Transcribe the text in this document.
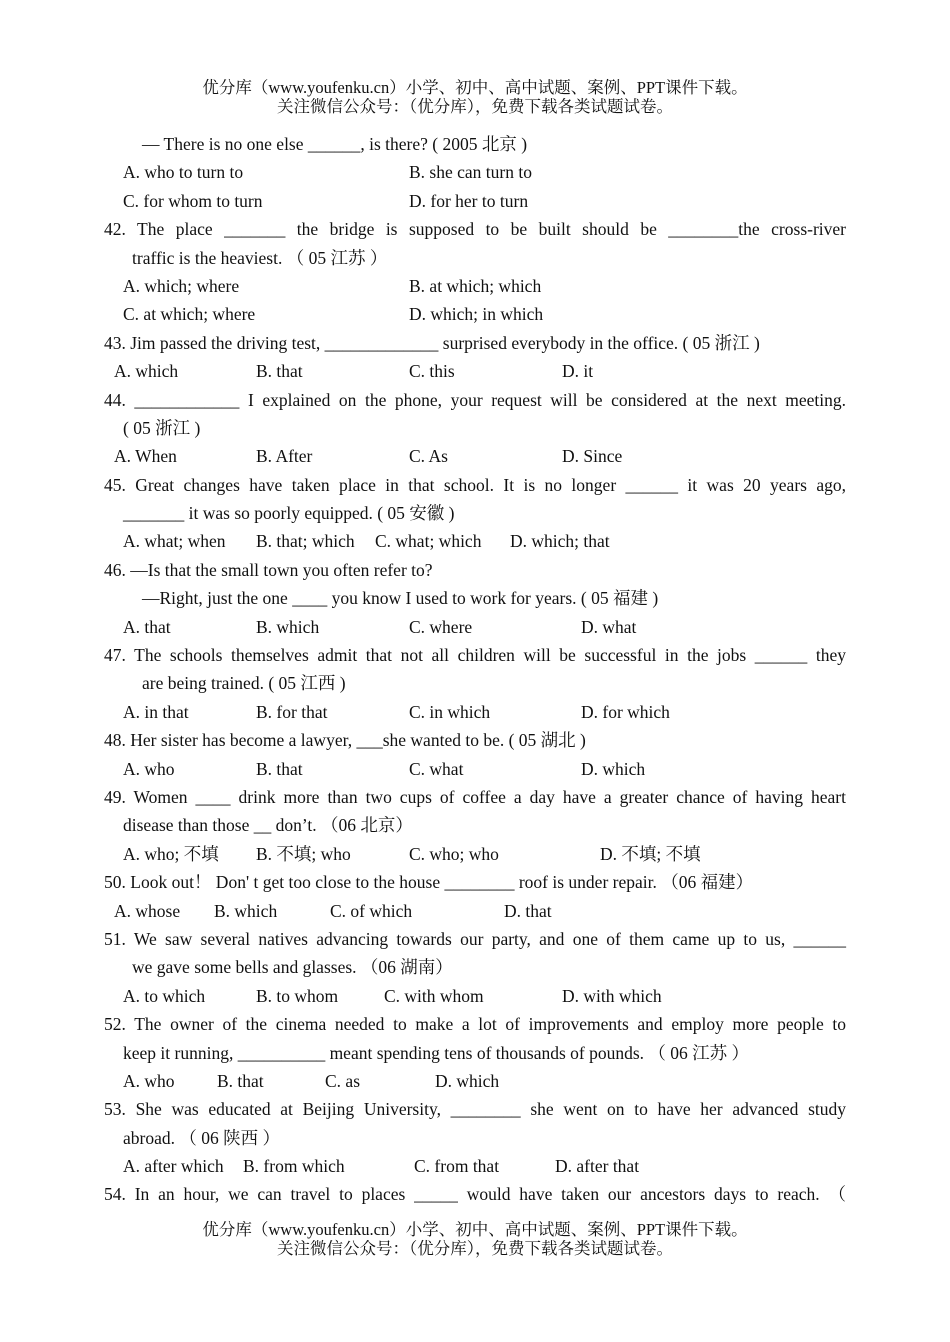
优分库（www.youfenku.cn）小学、初中、高中试题、案例、PPT课件下载。
关注微信公众号：（优分库），免费下载各类试题试卷。
— There is no one else ______, is there? ( 2005 北京 )
A. who to turn to	B. she can turn to
C. for whom to turn	D. for her to turn
42. The place _______ the bridge is supposed to be built should be ________the cross-river
traffic is the heaviest. （ 05 江苏 ）
A. which; where	B. at which; which
C. at which; where	D. which; in which
43. Jim passed the driving test, _____________ surprised everybody in the office. ( 05 浙江 )
A. which	B. that	C. this	D. it
44. ____________ I explained on the phone, your request will be considered at the next meeting.
( 05 浙江 )
A. When	B. After	C. As	D. Since
45. Great changes have taken place in that school. It is no longer ______ it was 20 years ago,
_______ it was so poorly equipped. ( 05 安徽 )
A. what; when B. that; which C. what; which D. which; that
46. —Is that the small town you often refer to?
—Right, just the one ____ you know I used to work for years. ( 05 福建 )
A. that	B. which	C. where	D. what
47. The schools themselves admit that not all children will be successful in the jobs ______ they
are being trained. ( 05 江西 )
A. in that	B. for that	C. in which	D. for which
48. Her sister has become a lawyer, ___she wanted to be. ( 05 湖北 )
A. who	B. that	C. what	D. which
49. Women ____ drink more than two cups of coffee a day have a greater chance of having heart
disease than those __ don’t. （06 北京）
A. who; 不填 B. 不填; who	C. who; who	D. 不填; 不填
50. Look out！ Don' t get too close to the house ________ roof is under repair. （06 福建）
A. whose B. which	C. of which	D. that
51. We saw several natives advancing towards our party, and one of them came up to us, ______
we gave some bells and glasses. （06 湖南）
A. to which	B. to whom	C. with whom	D. with which
52. The owner of the cinema needed to make a lot of improvements and employ more people to
keep it running, __________ meant spending tens of thousands of pounds. （ 06 江苏 ）
A. who B. that	C. as	D. which
53. She was educated at Beijing University, ________ she went on to have her advanced study
abroad. （ 06 陕西 ）
A. after which B. from which	C. from that	D. after that
54. In an hour, we can travel to places _____ would have taken our ancestors days to reach. （
优分库（www.youfenku.cn）小学、初中、高中试题、案例、PPT课件下载。
关注微信公众号：（优分库），免费下载各类试题试卷。
